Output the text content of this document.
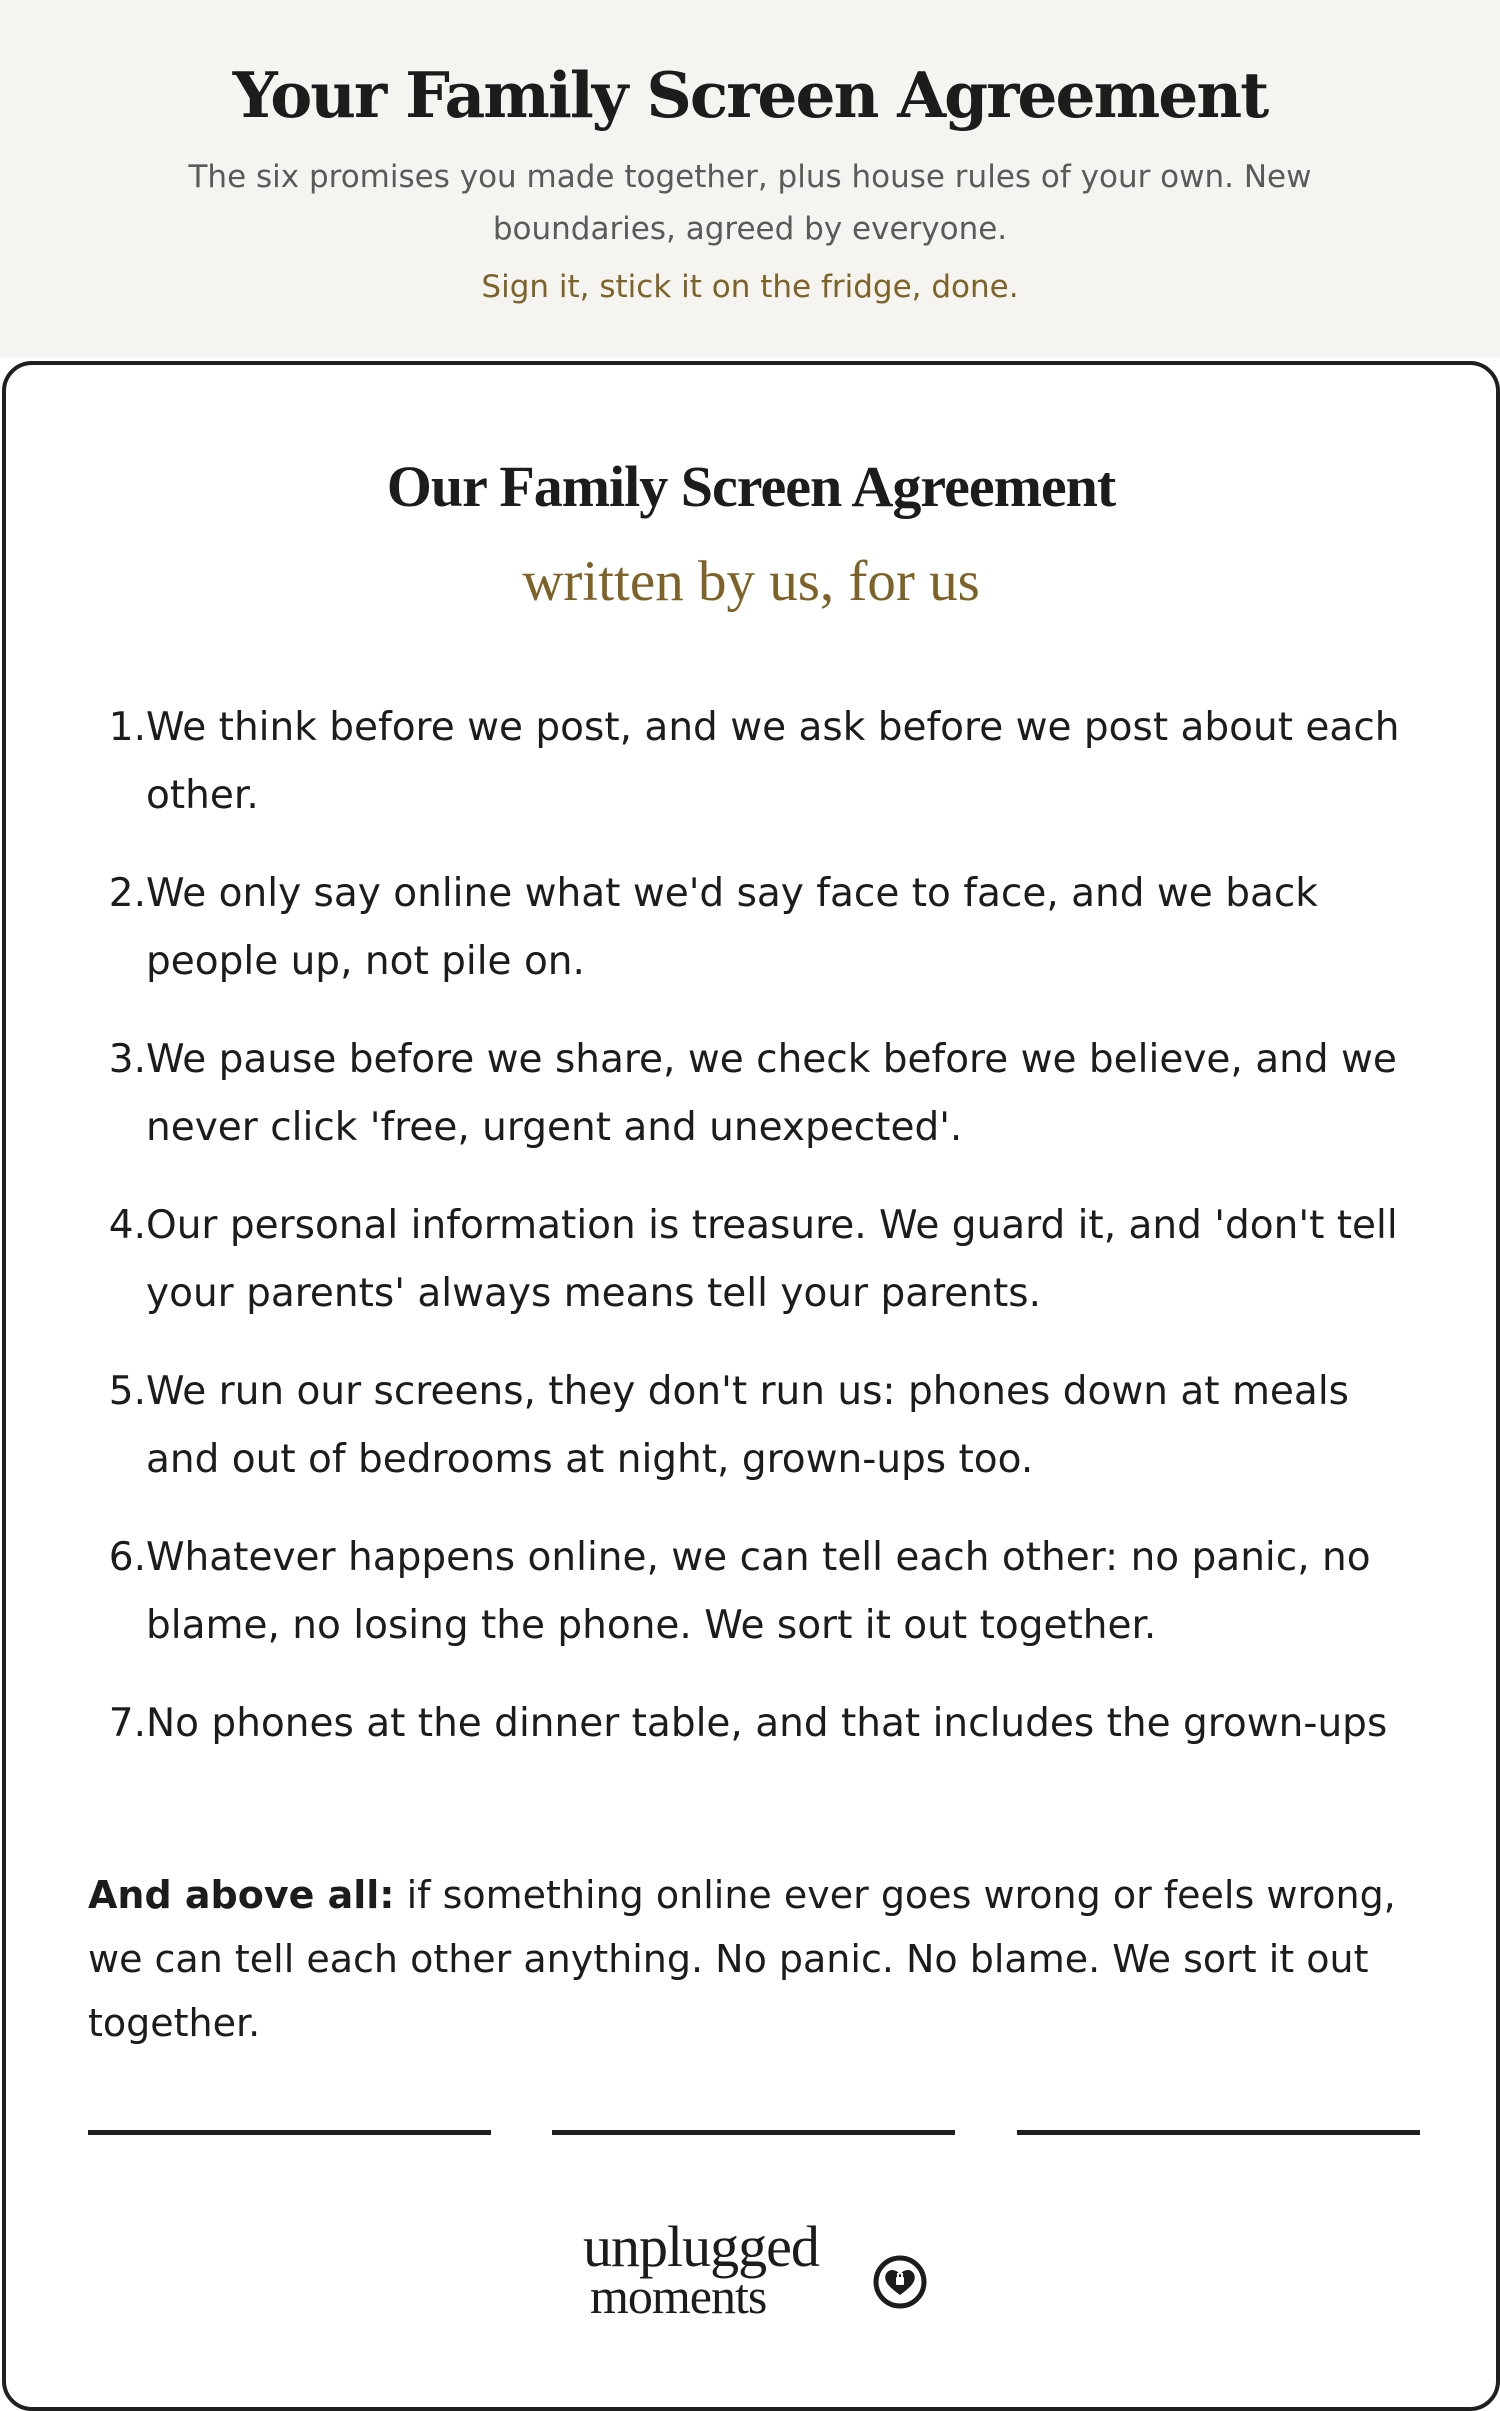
Your Family Screen Agreement

The six promises you made together, plus house rules of your own. New boundaries, agreed by everyone.

Sign it, stick it on the fridge, done.

Our Family Screen Agreement

written by us, for us

1. We think before we post, and we ask before we post about each other.
2. We only say online what we'd say face to face, and we back people up, not pile on.
3. We pause before we share, we check before we believe, and we never click 'free, urgent and unexpected'.
4. Our personal information is treasure. We guard it, and 'don't tell your parents' always means tell your parents.
5. We run our screens, they don't run us: phones down at meals and out of bedrooms at night, grown-ups too.
6. Whatever happens online, we can tell each other: no panic, no blame, no losing the phone. We sort it out together.
7. No phones at the dinner table, and that includes the grown-ups

And above all: if something online ever goes wrong or feels wrong, we can tell each other anything. No panic. No blame. We sort it out together.

unplugged
moments
